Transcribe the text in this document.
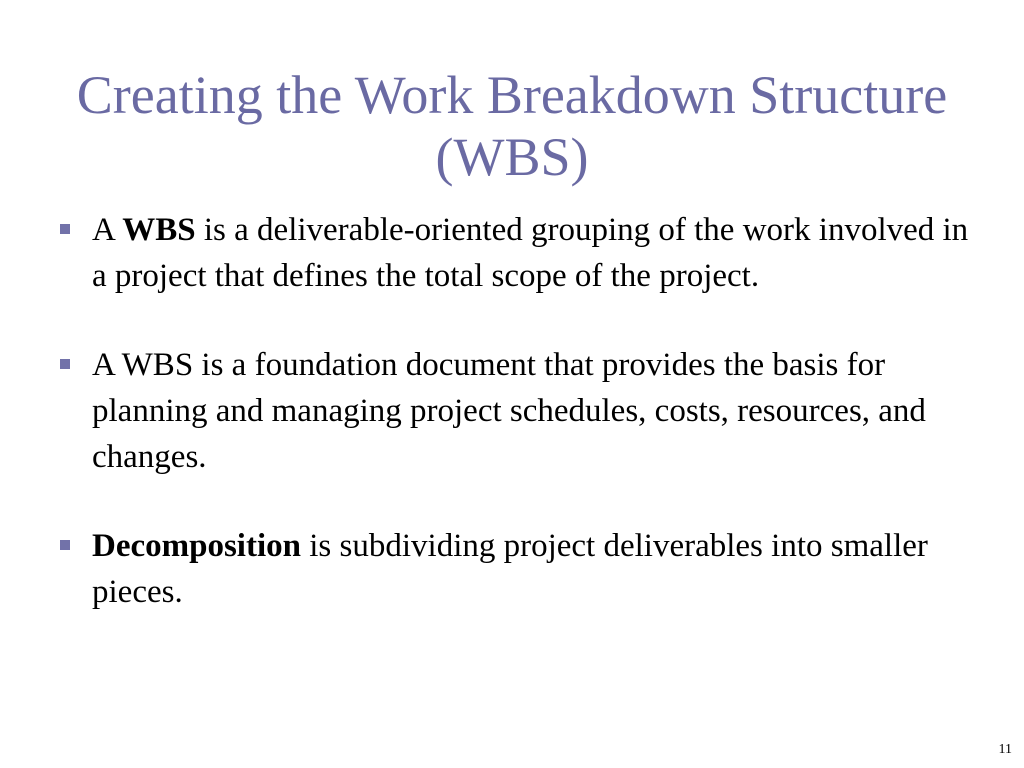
Creating the Work Breakdown Structure (WBS)
A WBS is a deliverable-oriented grouping of the work involved in a project that defines the total scope of the project.
A WBS is a foundation document that provides the basis for planning and managing project schedules, costs, resources, and changes.
Decomposition is subdividing project deliverables into smaller pieces.
11
